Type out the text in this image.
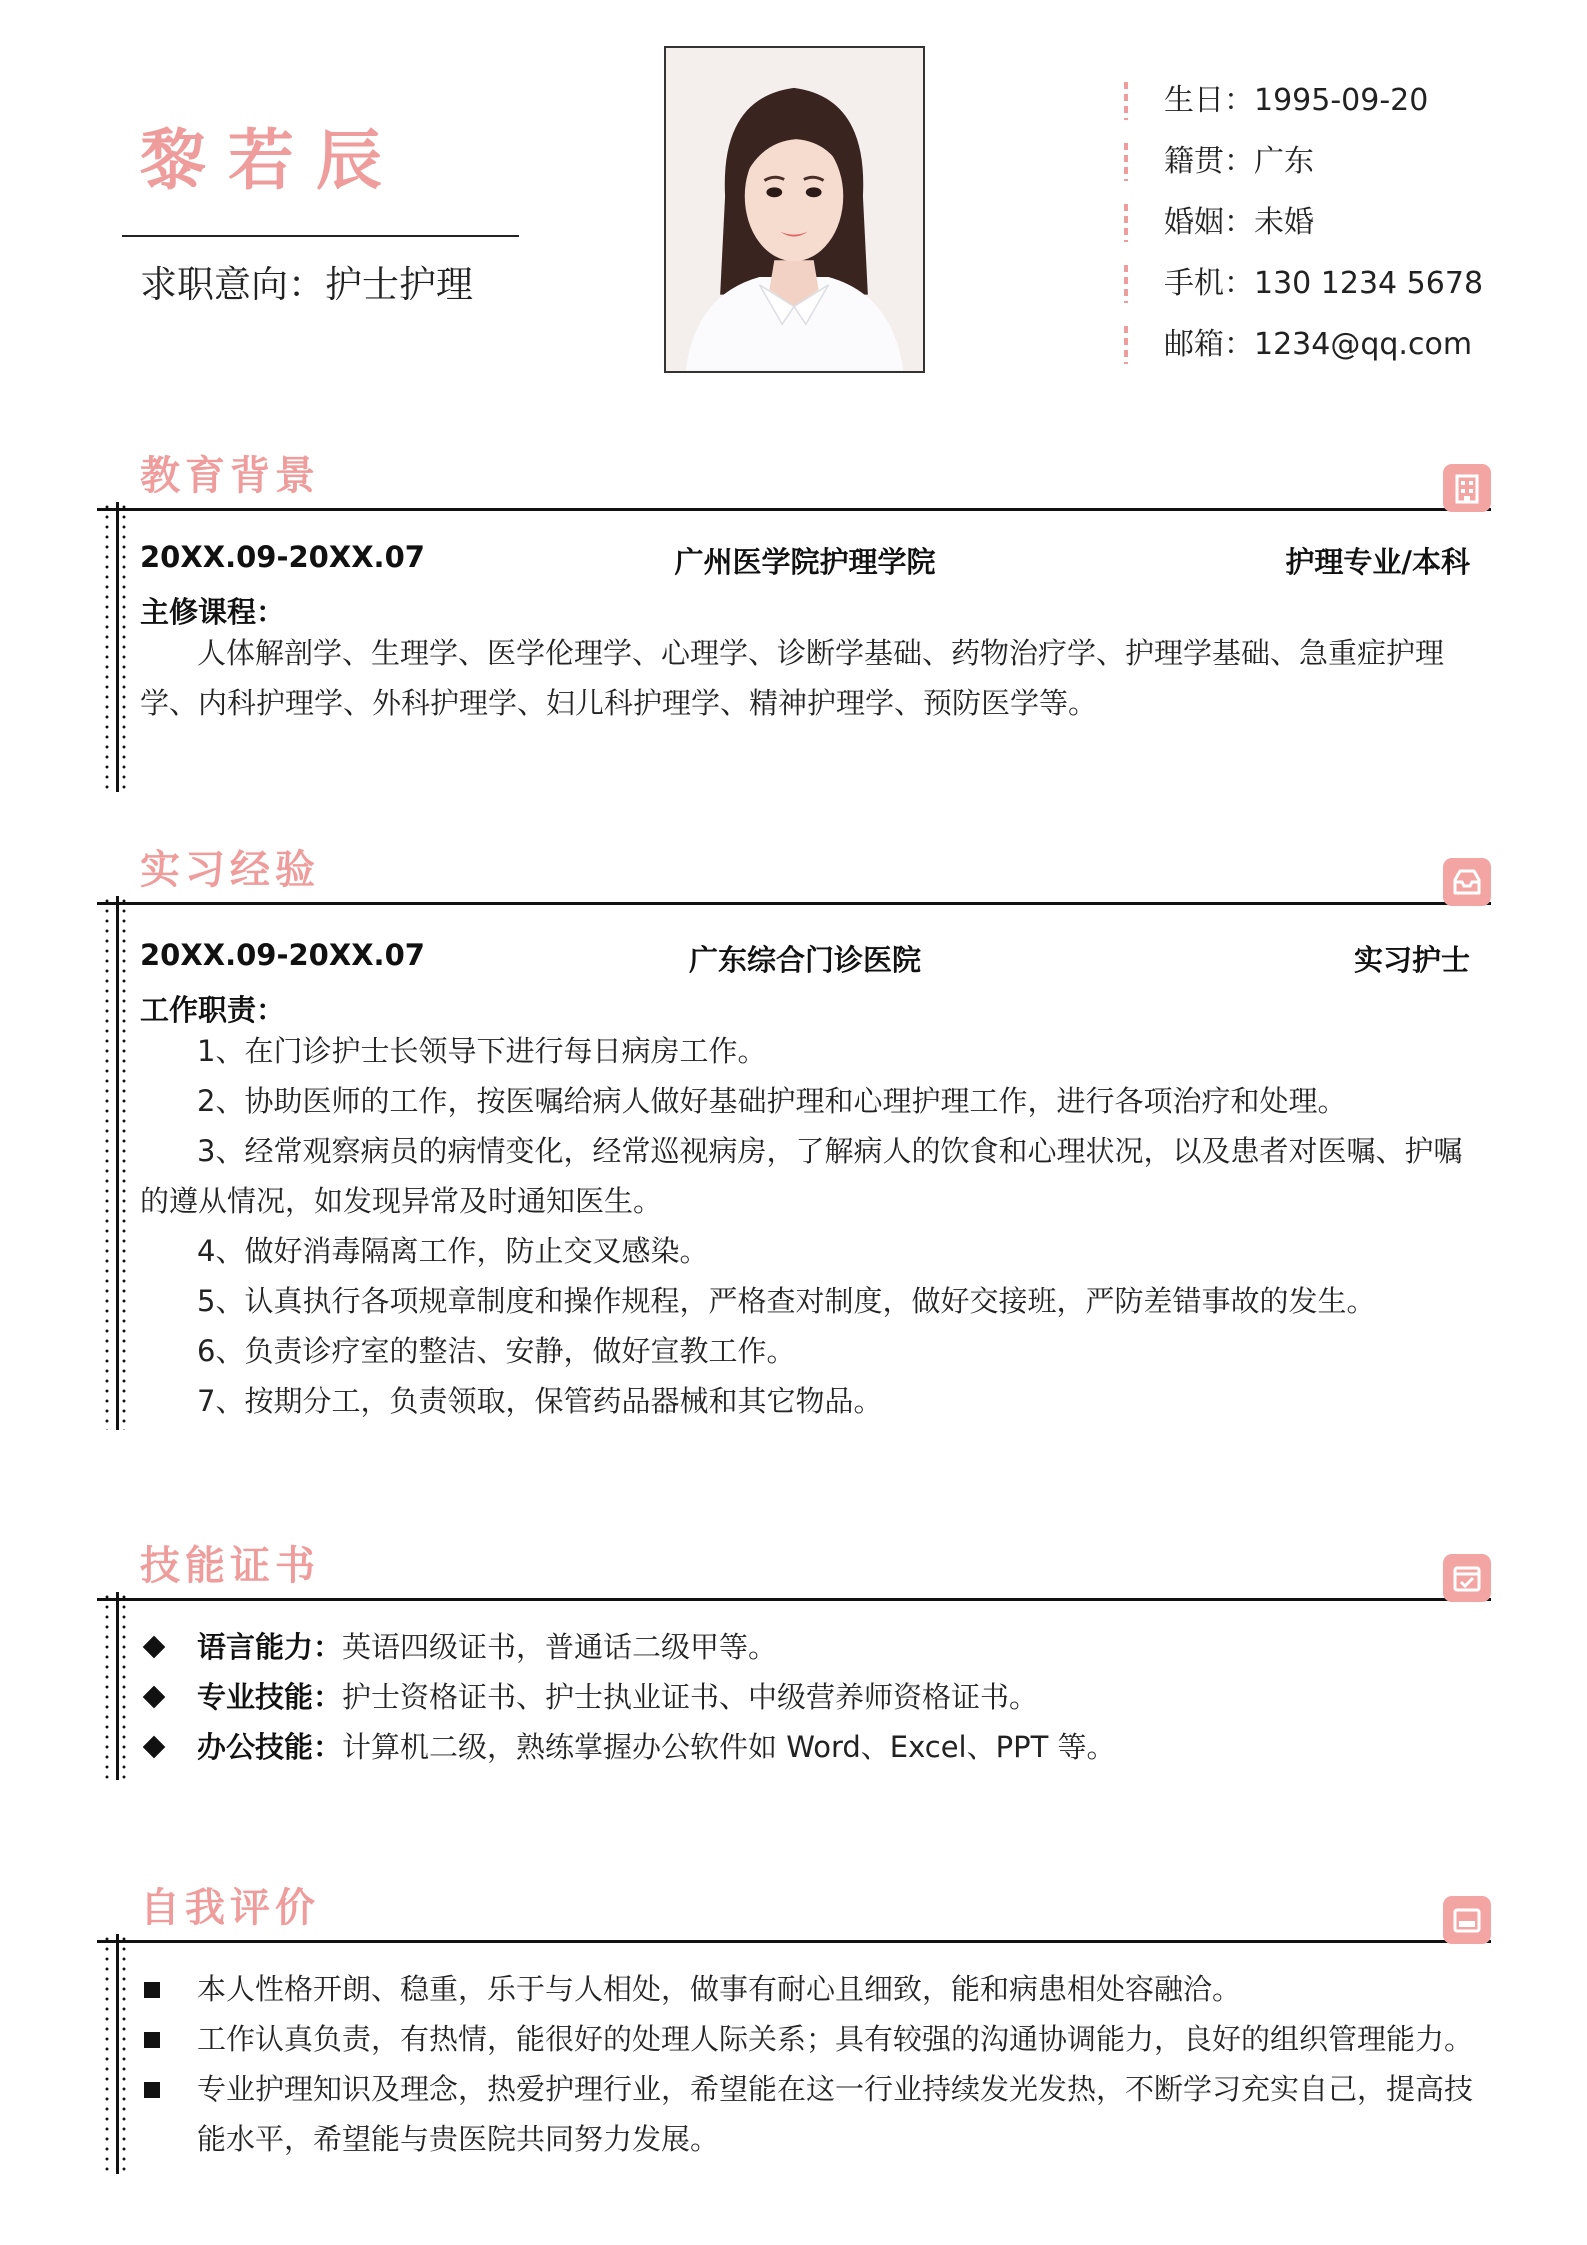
黎若辰
求职意向：护士护理
生日：1995-09-20
籍贯：广东
婚姻：未婚
手机：130 1234 5678
邮箱：1234@qq.com
教育背景
20XX.09-20XX.07	广州医学院护理学院	护理专业/本科
主修课程：
人体解剖学、生理学、医学伦理学、心理学、诊断学基础、药物治疗学、护理学基础、急重症护理学、内科护理学、外科护理学、妇儿科护理学、精神护理学、预防医学等。
实习经验
20XX.09-20XX.07	广东综合门诊医院	实习护士
工作职责：
1、在门诊护士长领导下进行每日病房工作。
2、协助医师的工作，按医嘱给病人做好基础护理和心理护理工作，进行各项治疗和处理。
3、经常观察病员的病情变化，经常巡视病房，了解病人的饮食和心理状况，以及患者对医嘱、护嘱的遵从情况，如发现异常及时通知医生。
4、做好消毒隔离工作，防止交叉感染。
5、认真执行各项规章制度和操作规程，严格查对制度，做好交接班，严防差错事故的发生。
6、负责诊疗室的整洁、安静，做好宣教工作。
7、按期分工，负责领取，保管药品器械和其它物品。
技能证书
语言能力：英语四级证书，普通话二级甲等。
专业技能：护士资格证书、护士执业证书、中级营养师资格证书。
办公技能：计算机二级，熟练掌握办公软件如 Word、Excel、PPT 等。
自我评价
本人性格开朗、稳重，乐于与人相处，做事有耐心且细致，能和病患相处容融洽。
工作认真负责，有热情，能很好的处理人际关系；具有较强的沟通协调能力，良好的组织管理能力。
专业护理知识及理念，热爱护理行业，希望能在这一行业持续发光发热，不断学习充实自己，提高技能水平，希望能与贵医院共同努力发展。
